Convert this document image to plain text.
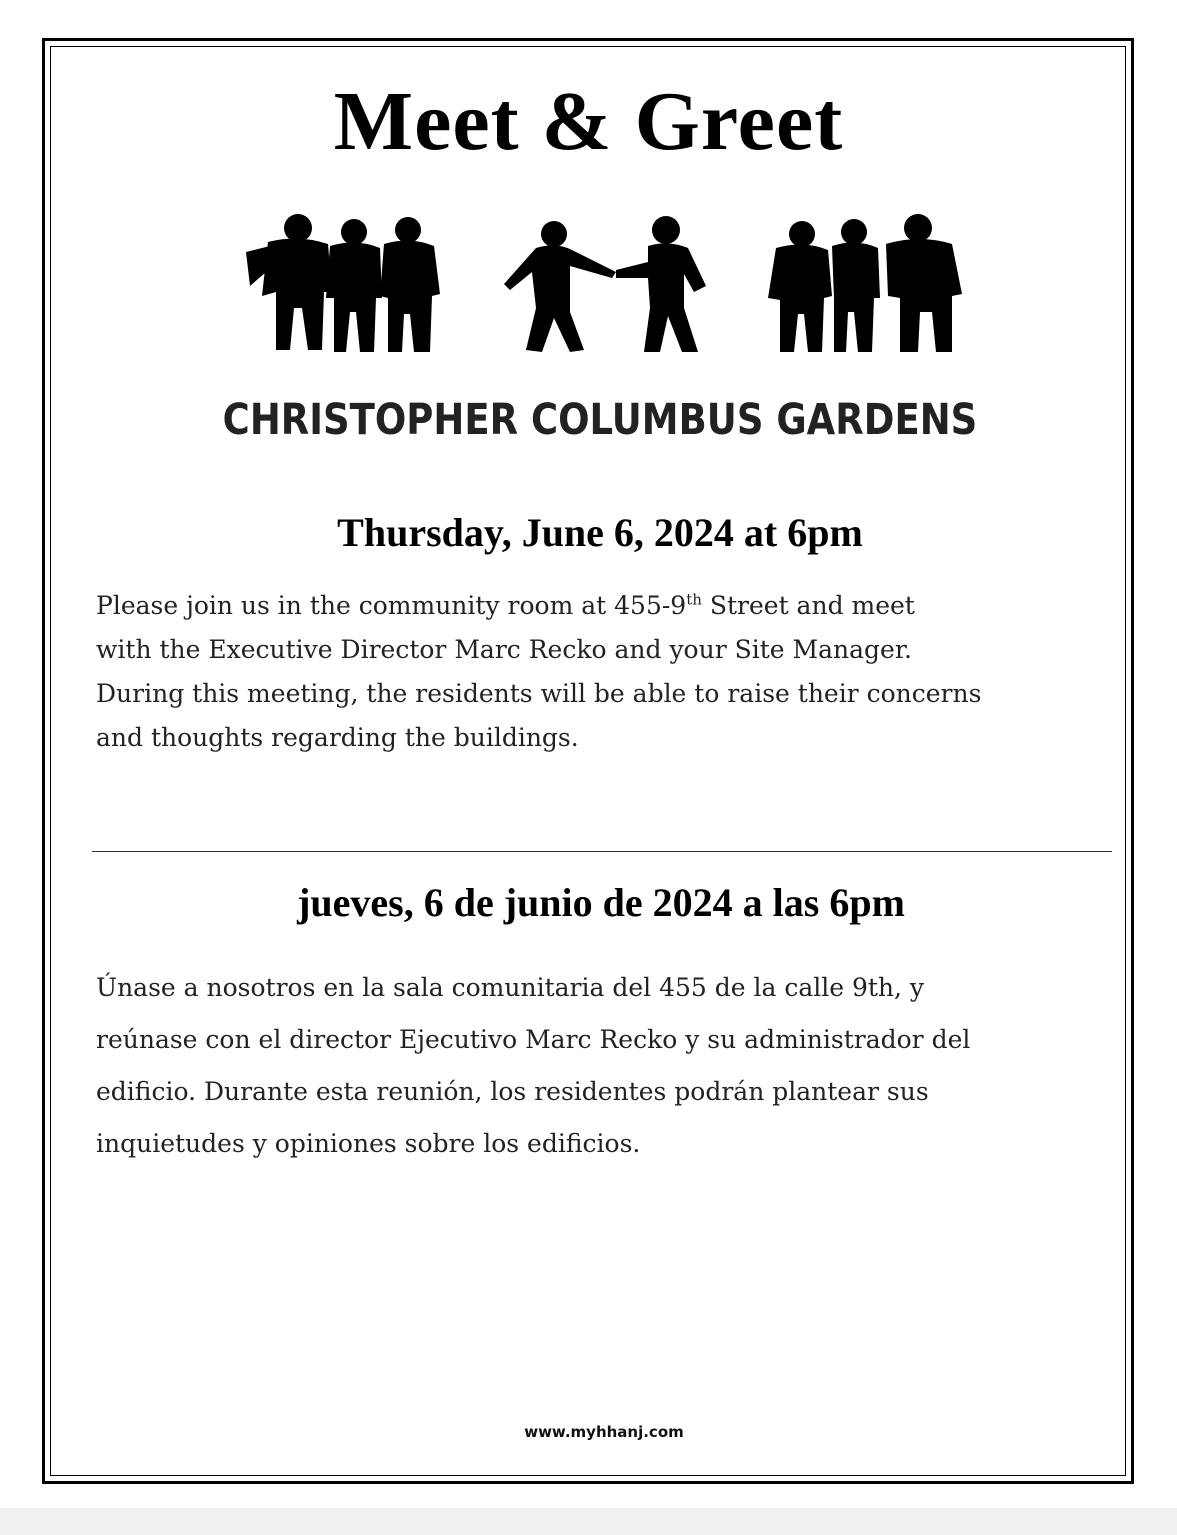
Meet & Greet
CHRISTOPHER COLUMBUS GARDENS
Thursday, June 6, 2024 at 6pm

Please join us in the community room at 455-9th Street and meet
with the Executive Director Marc Recko and your Site Manager.
During this meeting, the residents will be able to raise their concerns
and thoughts regarding the buildings.

jueves, 6 de junio de 2024 a las 6pm

Únase a nosotros en la sala comunitaria del 455 de la calle 9th, y
reúnase con el director Ejecutivo Marc Recko y su administrador del
edificio. Durante esta reunión, los residentes podrán plantear sus
inquietudes y opiniones sobre los edificios.

www.myhhanj.com
